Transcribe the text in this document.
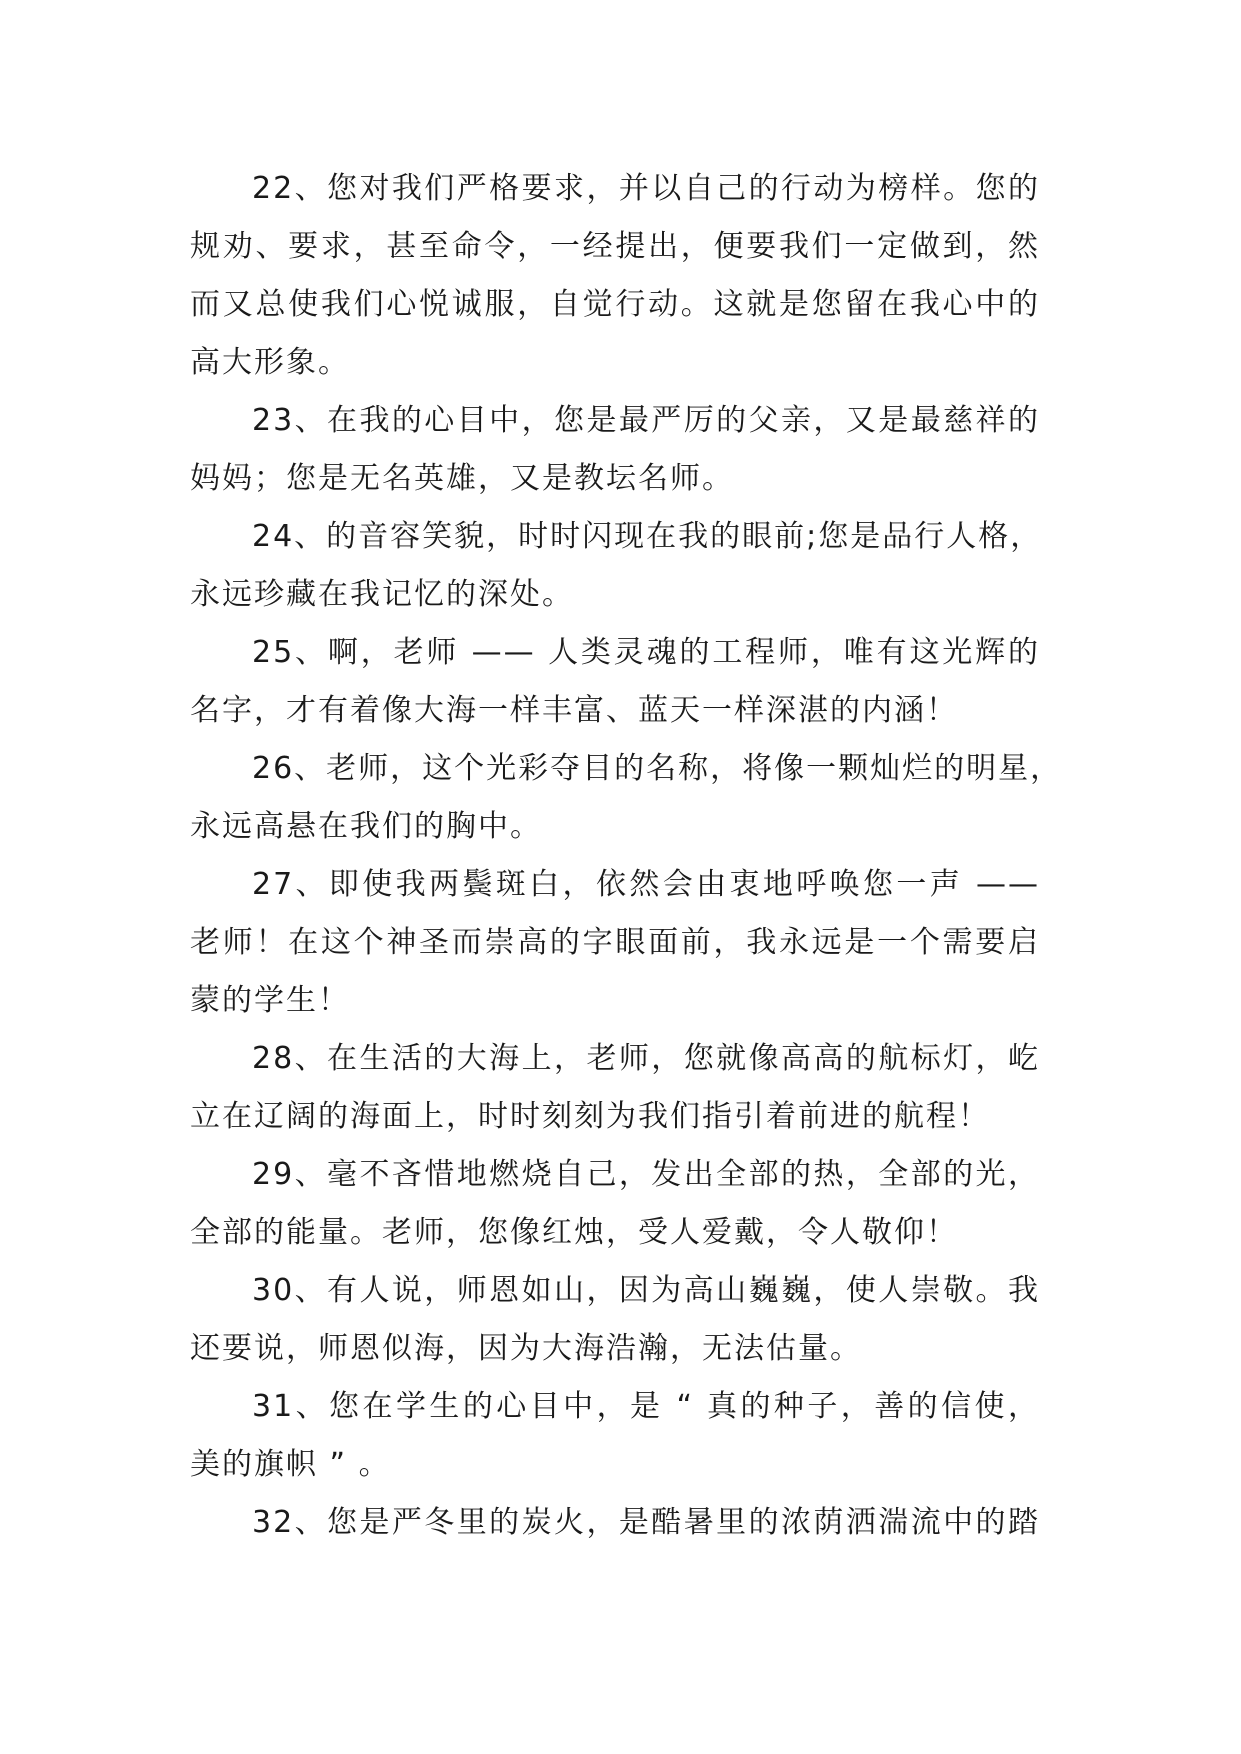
22、您对我们严格要求，并以自己的行动为榜样。您的
规劝、要求，甚至命令，一经提出，便要我们一定做到，然
而又总使我们心悦诚服，自觉行动。这就是您留在我心中的
高大形象。
23、在我的心目中，您是最严厉的父亲，又是最慈祥的
妈妈；您是无名英雄，又是教坛名师。
24、的音容笑貌，时时闪现在我的眼前;您是品行人格，
永远珍藏在我记忆的深处。
25、啊，老师 —— 人类灵魂的工程师，唯有这光辉的
名字，才有着像大海一样丰富、蓝天一样深湛的内涵！
26、老师，这个光彩夺目的名称，将像一颗灿烂的明星，
永远高悬在我们的胸中。
27、即使我两鬓斑白，依然会由衷地呼唤您一声 ——
老师！在这个神圣而崇高的字眼面前，我永远是一个需要启
蒙的学生！
28、在生活的大海上，老师，您就像高高的航标灯，屹
立在辽阔的海面上，时时刻刻为我们指引着前进的航程！
29、毫不吝惜地燃烧自己，发出全部的热，全部的光，
全部的能量。老师，您像红烛，受人爱戴，令人敬仰！
30、有人说，师恩如山，因为高山巍巍，使人崇敬。我
还要说，师恩似海，因为大海浩瀚，无法估量。
31、您在学生的心目中，是 “ 真的种子，善的信使，
美的旗帜 ” 。
32、您是严冬里的炭火，是酷暑里的浓荫洒湍流中的踏
